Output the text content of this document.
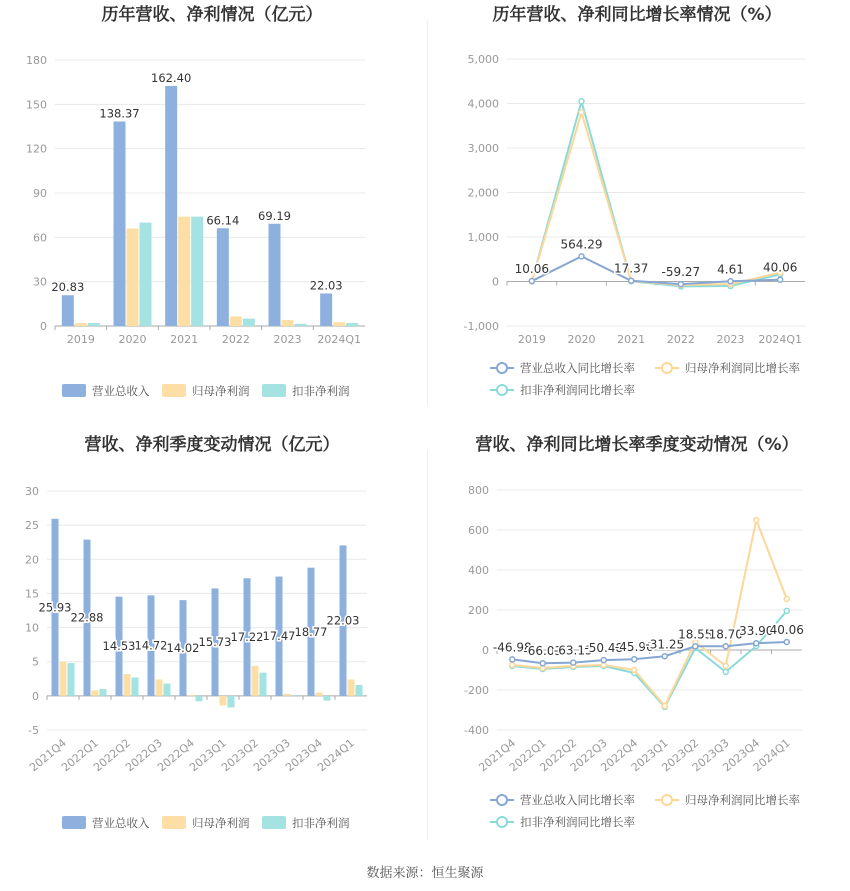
历年营收、净利情况（亿元）
0
30
60
90
120
150
180
2019
20.83
2020
138.37
2021
162.40
2022
66.14
2023
69.19
2024Q1
22.03
营业总收入	归母净利润	扣非净利润
历年营收、净利同比增长率情况（%）
-1,000
0
1,000
2,000
3,000
4,000
5,000
2019 2020 2021 2022 2023 2024Q1
10.06
564.29
17.37 -59.27 4.61 40.06
营业总收入同比增长率	归母净利润同比增长率
扣非净利润同比增长率
营收、净利季度变动情况（亿元）
-5
0
5
10
15
20
25
30
2021Q4
25.93
2022Q1
22.88
2022Q2
14.53
2022Q3
14.72
2022Q4
14.02
2023Q1
15.73
2023Q2
17.22
2023Q3
17.47
2023Q4
18.77
2024Q1
22.03
营业总收入	归母净利润	扣非净利润
营收、净利同比增长率季度变动情况（%）
-400
-200
0
200
400
600
800
2021Q4
2022Q1
2022Q2
2022Q3
2022Q4
2023Q1
2023Q2
2023Q3
2023Q4
2024Q1
-46.98
-66.03
-63.13
-50.48
-45.96
-31.25
18.55
18.70
33.90
40.06
营业总收入同比增长率	归母净利润同比增长率
扣非净利润同比增长率
数据来源：恒生聚源
